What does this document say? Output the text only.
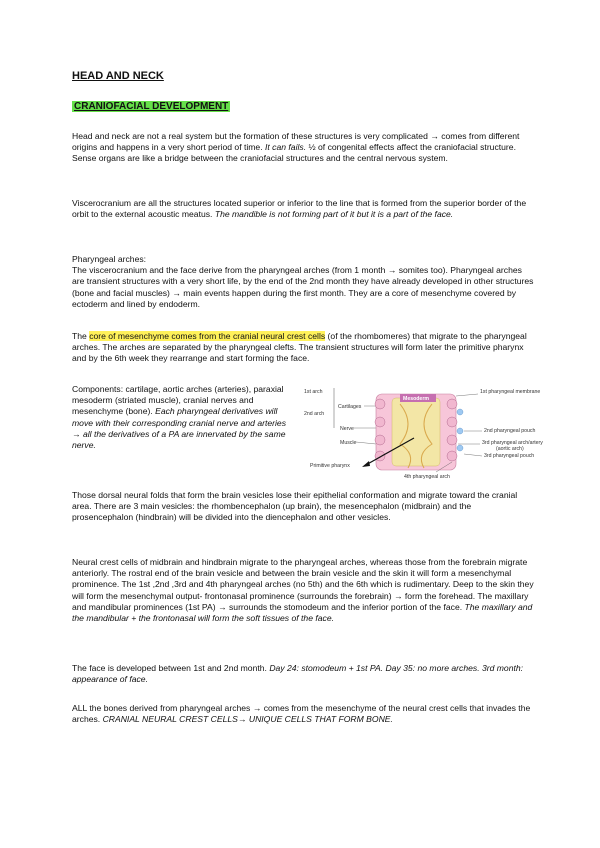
HEAD AND NECK
CRANIOFACIAL DEVELOPMENT

Head and neck are not a real system but the formation of these structures is very complicated → comes from different origins and happens in a very short period of time. It can fails. ½ of congenital effects affect the craniofacial structure. Sense organs are like a bridge between the craniofacial structures and the central nervous system.

Viscerocranium are all the structures located superior or inferior to the line that is formed from the superior border of the orbit to the external acoustic meatus. The mandible is not forming part of it but it is a part of the face.

Pharyngeal arches:
The viscerocranium and the face derive from the pharyngeal arches (from 1 month → somites too). Pharyngeal arches are transient structures with a very short life, by the end of the 2nd month they have already developed in other structures (bone and facial muscles) → main events happen during the first month. They are a core of mesenchyme covered by ectoderm and lined by endoderm.

The core of mesenchyme comes from the cranial neural crest cells (of the rhombomeres) that migrate to the pharyngeal arches. The arches are separated by the pharyngeal clefts. The transient structures will form later the primitive pharynx and by the 6th week they rearrange and start forming the face.

Components: cartilage, aortic arches (arteries), paraxial mesoderm (striated muscle), cranial nerves and mesenchyme (bone). Each pharyngeal derivatives will move with their corresponding cranial nerve and arteries → all the derivatives of a PA are innervated by the same nerve.

1st arch
2nd arch
Cartilages
Nerve
Muscle
Primitive pharynx
Mesoderm
1st pharyngeal membrane
2nd pharyngeal pouch
3rd pharyngeal arch/artery
(aortic arch)
3rd pharyngeal pouch
4th pharyngeal arch

Those dorsal neural folds that form the brain vesicles lose their epithelial conformation and migrate toward the cranial area. There are 3 main vesicles: the rhombencephalon (up brain), the mesencephalon (midbrain) and the prosencephalon (hindbrain) will be divided into the diencephalon and other vesicles.

Neural crest cells of midbrain and hindbrain migrate to the pharyngeal arches, whereas those from the forebrain migrate anteriorly. The rostral end of the brain vesicle and between the brain vesicle and the skin it will form a mesenchymal prominence. The 1st ,2nd ,3rd and 4th pharyngeal arches (no 5th) and the 6th which is rudimentary. Deep to the skin they will form the mesenchymal output- frontonasal prominence (surrounds the forebrain) → form the forehead. The maxillary and mandibular prominences (1st PA) → surrounds the stomodeum and the inferior portion of the face. The maxillary and the mandibular + the frontonasal will form the soft tissues of the face.

The face is developed between 1st and 2nd month. Day 24: stomodeum + 1st PA. Day 35: no more arches. 3rd month: appearance of face.

ALL the bones derived from pharyngeal arches → comes from the mesenchyme of the neural crest cells that invades the arches. CRANIAL NEURAL CREST CELLS→ UNIQUE CELLS THAT FORM BONE.
